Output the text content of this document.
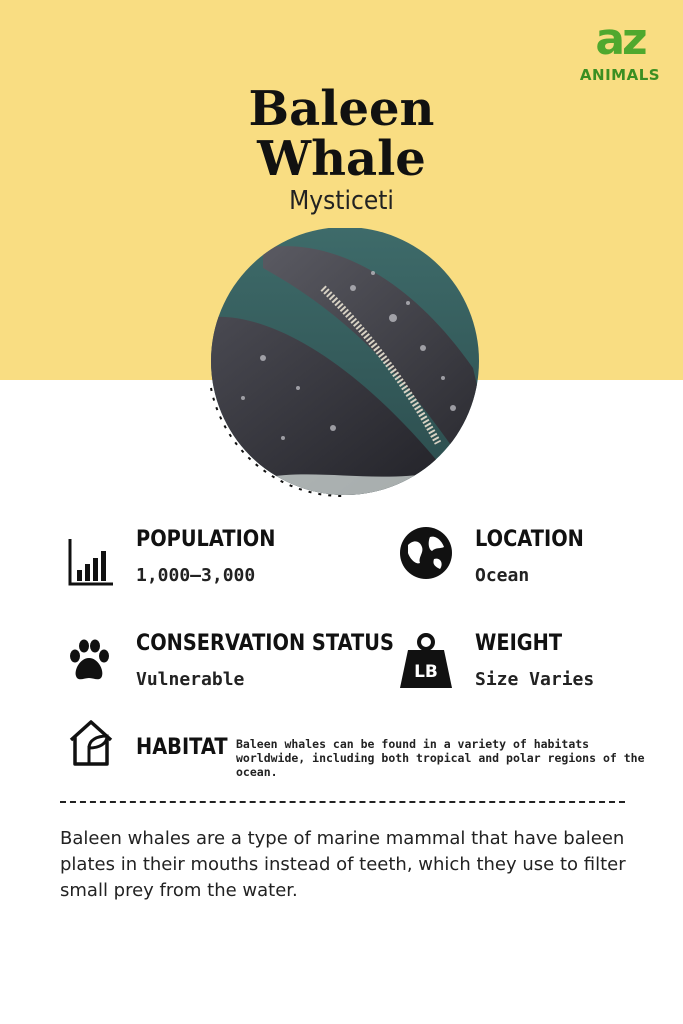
az
ANIMALS
Baleen
Whale
Mysticeti
POPULATION
1,000–3,000
LOCATION
Ocean
CONSERVATION STATUS
Vulnerable	LB
WEIGHT
Size Varies
HABITAT Baleen whales can be found in a variety of habitats worldwide, including both tropical and polar regions of the ocean.
Baleen whales are a type of marine mammal that have baleen plates in their mouths instead of teeth, which they use to filter small prey from the water.
